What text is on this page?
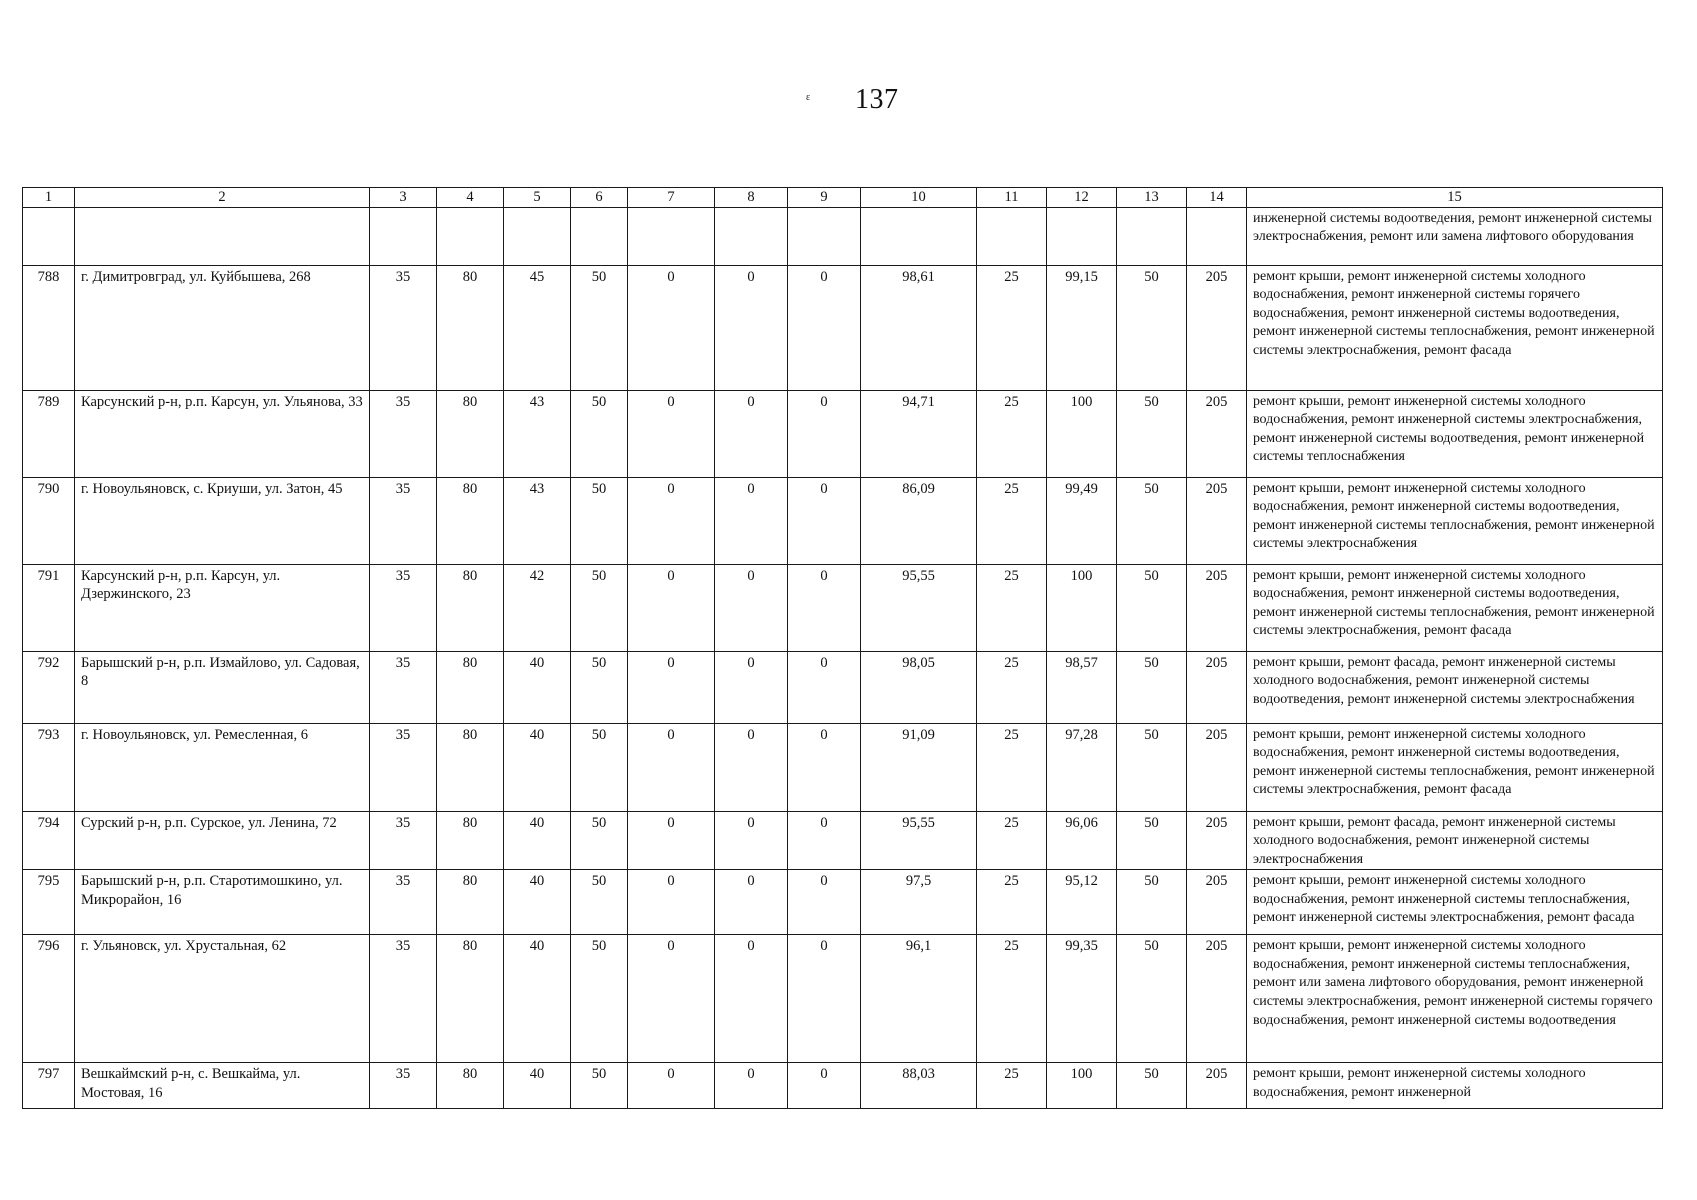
ε 137
1	2	3	4	5	6	7	8	9	10	11	12	13	14	15
														инженерной системы водоотведения, ремонт инженерной системы электроснабжения, ремонт или замена лифтового оборудования
788	г. Димитровград, ул. Куйбышева, 268	35	80	45	50	0	0	0	98,61	25	99,15	50	205	ремонт крыши, ремонт инженерной системы холодного водоснабжения, ремонт инженерной системы горячего водоснабжения, ремонт инженерной системы водоотведения, ремонт инженерной системы теплоснабжения, ремонт инженерной системы электроснабжения, ремонт фасада
789	Карсунский р-н, р.п. Карсун, ул. Ульянова, 33	35	80	43	50	0	0	0	94,71	25	100	50	205	ремонт крыши, ремонт инженерной системы холодного водоснабжения, ремонт инженерной системы электроснабжения, ремонт инженерной системы водоотведения, ремонт инженерной системы теплоснабжения
790	г. Новоульяновск, с. Криуши, ул. Затон, 45	35	80	43	50	0	0	0	86,09	25	99,49	50	205	ремонт крыши, ремонт инженерной системы холодного водоснабжения, ремонт инженерной системы водоотведения, ремонт инженерной системы теплоснабжения, ремонт инженерной системы электроснабжения
791	Карсунский р-н, р.п. Карсун, ул. Дзержинского, 23	35	80	42	50	0	0	0	95,55	25	100	50	205	ремонт крыши, ремонт инженерной системы холодного водоснабжения, ремонт инженерной системы водоотведения, ремонт инженерной системы теплоснабжения, ремонт инженерной системы электроснабжения, ремонт фасада
792	Барышский р-н, р.п. Измайлово, ул. Садовая, 8	35	80	40	50	0	0	0	98,05	25	98,57	50	205	ремонт крыши, ремонт фасада, ремонт инженерной системы холодного водоснабжения, ремонт инженерной системы водоотведения, ремонт инженерной системы электроснабжения
793	г. Новоульяновск, ул. Ремесленная, 6	35	80	40	50	0	0	0	91,09	25	97,28	50	205	ремонт крыши, ремонт инженерной системы холодного водоснабжения, ремонт инженерной системы водоотведения, ремонт инженерной системы теплоснабжения, ремонт инженерной системы электроснабжения, ремонт фасада
794	Сурский р-н, р.п. Сурское, ул. Ленина, 72	35	80	40	50	0	0	0	95,55	25	96,06	50	205	ремонт крыши, ремонт фасада, ремонт инженерной системы холодного водоснабжения, ремонт инженерной системы электроснабжения
795	Барышский р-н, р.п. Старотимошкино, ул. Микрорайон, 16	35	80	40	50	0	0	0	97,5	25	95,12	50	205	ремонт крыши, ремонт инженерной системы холодного водоснабжения, ремонт инженерной системы теплоснабжения, ремонт инженерной системы электроснабжения, ремонт фасада
796	г. Ульяновск, ул. Хрустальная, 62	35	80	40	50	0	0	0	96,1	25	99,35	50	205	ремонт крыши, ремонт инженерной системы холодного водоснабжения, ремонт инженерной системы теплоснабжения, ремонт или замена лифтового оборудования, ремонт инженерной системы электроснабжения, ремонт инженерной системы горячего водоснабжения, ремонт инженерной системы водоотведения
797	Вешкаймский р-н, с. Вешкайма, ул. Мостовая, 16	35	80	40	50	0	0	0	88,03	25	100	50	205	ремонт крыши, ремонт инженерной системы холодного водоснабжения, ремонт инженерной
